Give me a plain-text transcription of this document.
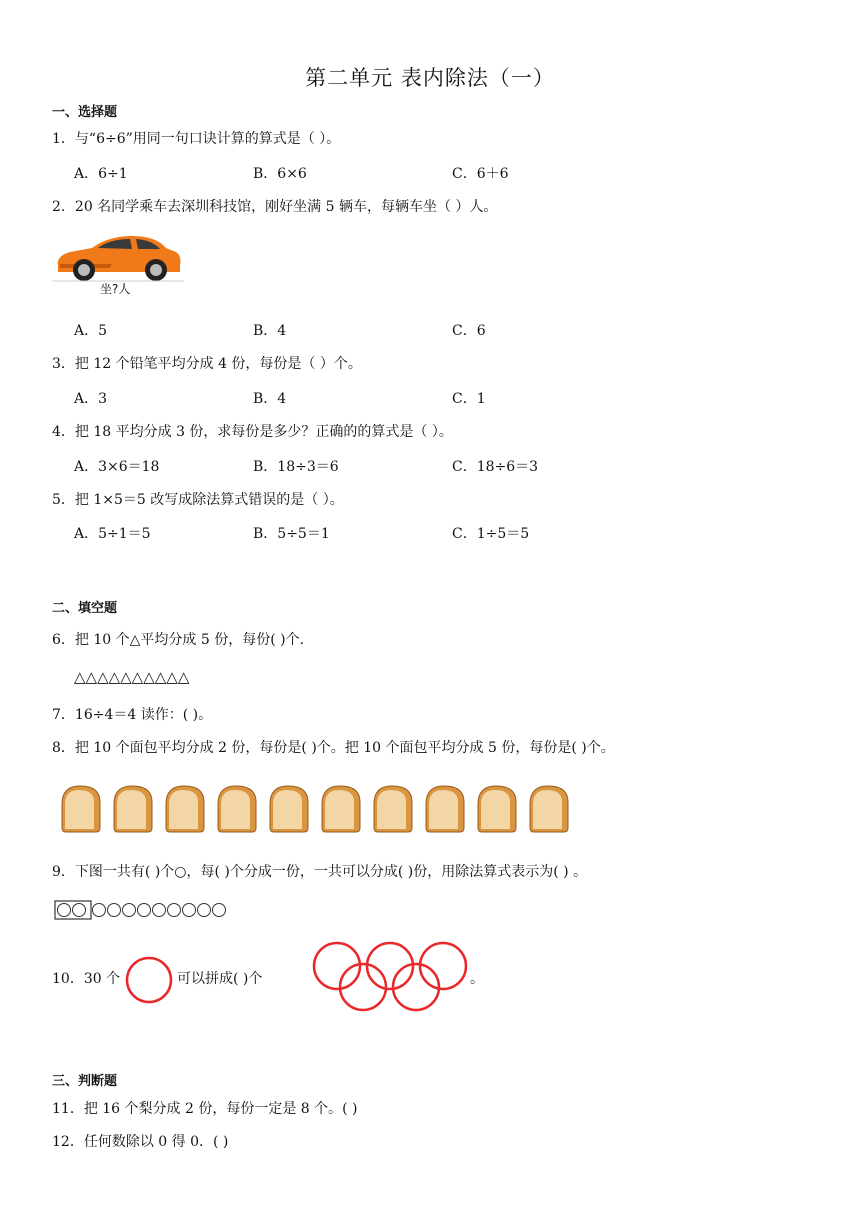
第二单元 表内除法（一）
一、选择题
1．与“6÷6”用同一句口诀计算的算式是（ ）。
A．6÷1	B．6×6	C．6＋6
2．20 名同学乘车去深圳科技馆，刚好坐满 5 辆车，每辆车坐（ ）人。
坐?人
A．5	B．4	C．6
3．把 12 个铅笔平均分成 4 份，每份是（ ）个。
A．3	B．4	C．1
4．把 18 平均分成 3 份，求每份是多少？正确的的算式是（ ）。
A．3×6＝18	B．18÷3＝6	C．18÷6＝3
5．把 1×5＝5 改写成除法算式错误的是（ ）。
A．5÷1＝5	B．5÷5＝1	C．1÷5＝5
二、填空题
6．把 10 个△平均分成 5 份，每份( )个.
△△△△△△△△△△
7．16÷4＝4 读作：( )。
8．把 10 个面包平均分成 2 份，每份是( )个。把 10 个面包平均分成 5 份，每份是( )个。
9．下图一共有( )个○，每( )个分成一份，一共可以分成( )份，用除法算式表示为( ) 。
10．30 个	可以拼成( )个	。
三、判断题
11．把 16 个梨分成 2 份，每份一定是 8 个。( )
12．任何数除以 0 得 0．( )
